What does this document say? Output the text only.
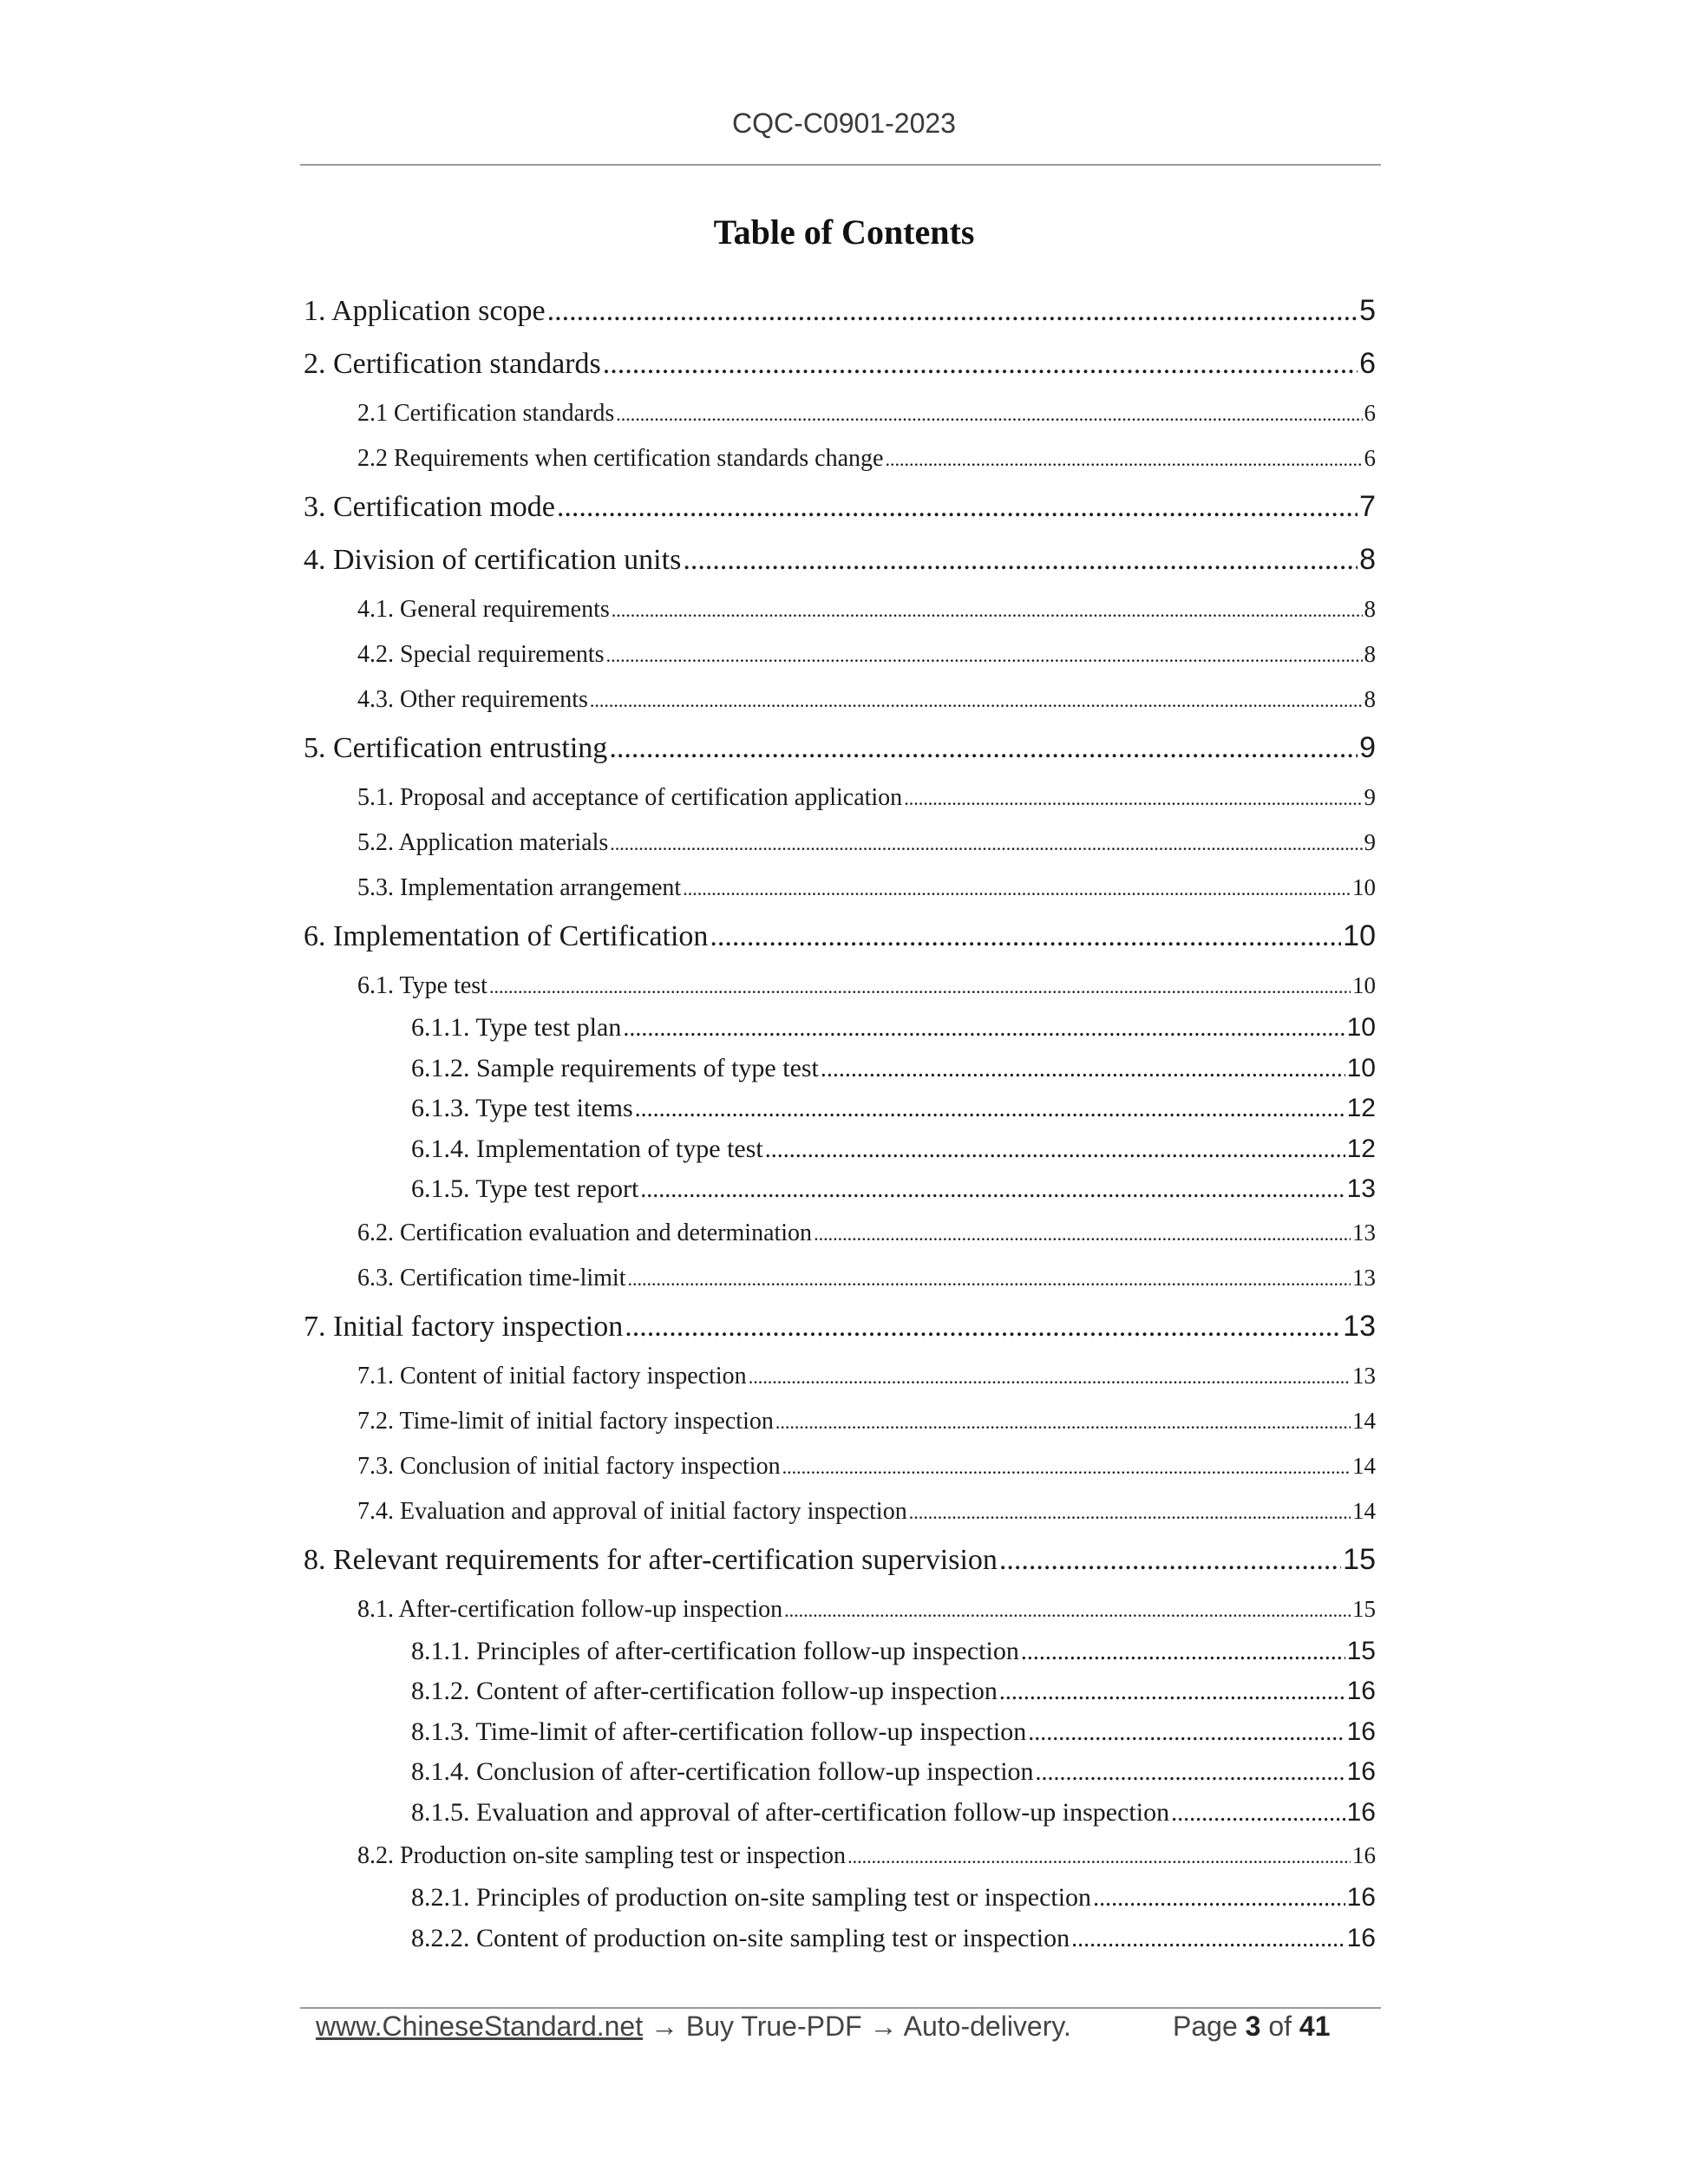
CQC-C0901-2023
Table of Contents
1. Application scope .....	5
2. Certification standards .....	6
2.1 Certification standards .....	6
2.2 Requirements when certification standards change .....	6
3. Certification mode .....	7
4. Division of certification units .....	8
4.1. General requirements .....	8
4.2. Special requirements .....	8
4.3. Other requirements .....	8
5. Certification entrusting .....	9
5.1. Proposal and acceptance of certification application .....	9
5.2. Application materials .....	9
5.3. Implementation arrangement .....	10
6. Implementation of Certification .....	10
6.1. Type test .....	10
6.1.1. Type test plan .....	10
6.1.2. Sample requirements of type test .....	10
6.1.3. Type test items .....	12
6.1.4. Implementation of type test .....	12
6.1.5. Type test report .....	13
6.2. Certification evaluation and determination .....	13
6.3. Certification time-limit .....	13
7. Initial factory inspection .....	13
7.1. Content of initial factory inspection .....	13
7.2. Time-limit of initial factory inspection .....	14
7.3. Conclusion of initial factory inspection .....	14
7.4. Evaluation and approval of initial factory inspection .....	14
8. Relevant requirements for after-certification supervision .....	15
8.1. After-certification follow-up inspection .....	15
8.1.1. Principles of after-certification follow-up inspection .....	15
8.1.2. Content of after-certification follow-up inspection .....	16
8.1.3. Time-limit of after-certification follow-up inspection .....	16
8.1.4. Conclusion of after-certification follow-up inspection .....	16
8.1.5. Evaluation and approval of after-certification follow-up inspection .....	16
8.2. Production on-site sampling test or inspection .....	16
8.2.1. Principles of production on-site sampling test or inspection .....	16
8.2.2. Content of production on-site sampling test or inspection .....	16
www.ChineseStandard.net → Buy True-PDF → Auto-delivery.	Page 3 of 41
